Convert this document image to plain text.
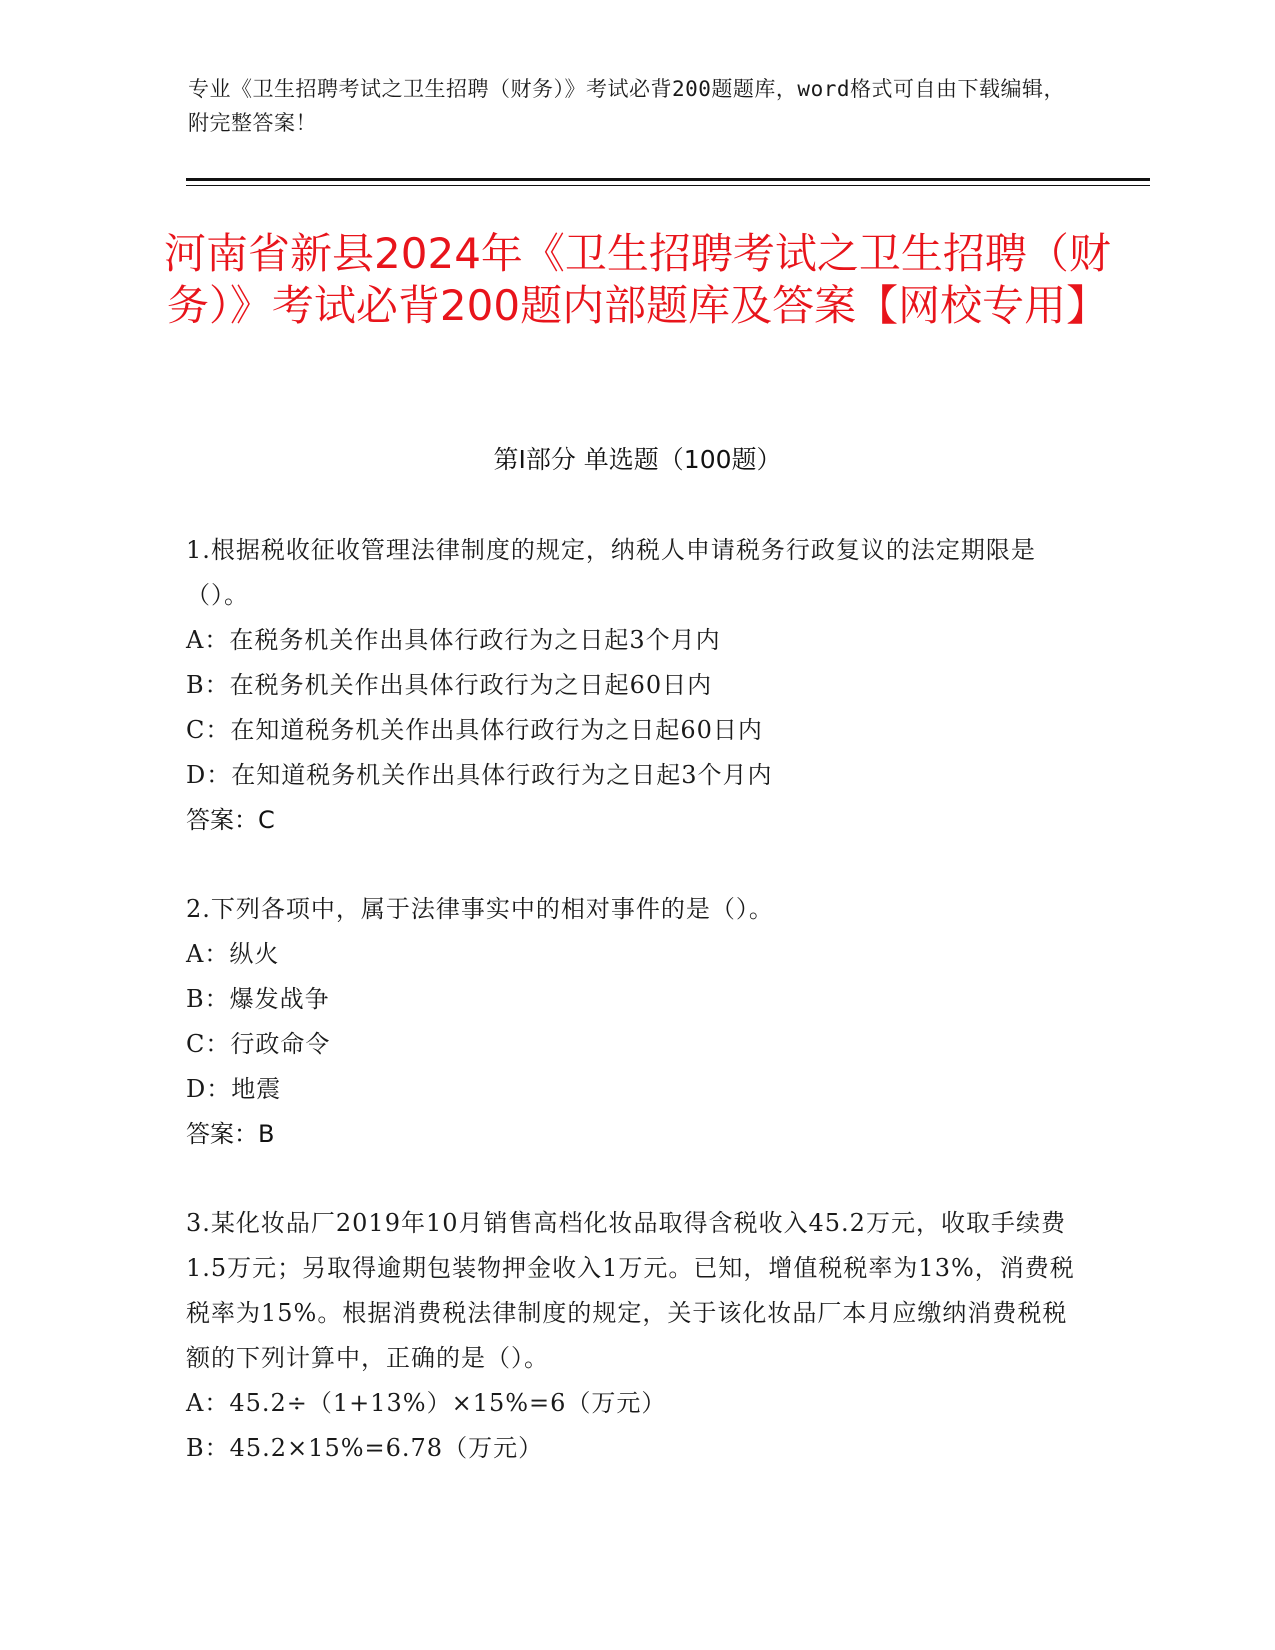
专业《卫生招聘考试之卫生招聘（财务）》考试必背200题题库，word格式可自由下载编辑，附完整答案！
河南省新县2024年《卫生招聘考试之卫生招聘（财务）》考试必背200题内部题库及答案【网校专用】
第I部分 单选题（100题）

1.根据税收征收管理法律制度的规定，纳税人申请税务行政复议的法定期限是（）。

A：在税务机关作出具体行政行为之日起3个月内

B：在税务机关作出具体行政行为之日起60日内

C：在知道税务机关作出具体行政行为之日起60日内

D：在知道税务机关作出具体行政行为之日起3个月内

答案：C

2.下列各项中，属于法律事实中的相对事件的是（）。

A：纵火

B：爆发战争

C：行政命令

D：地震

答案：B

3.某化妆品厂2019年10月销售高档化妆品取得含税收入45.2万元，收取手续费1.5万元；另取得逾期包装物押金收入1万元。已知，增值税税率为13%，消费税税率为15%。根据消费税法律制度的规定，关于该化妆品厂本月应缴纳消费税税额的下列计算中，正确的是（）。

A：45.2÷（1+13%）×15%=6（万元）

B：45.2×15%=6.78（万元）
